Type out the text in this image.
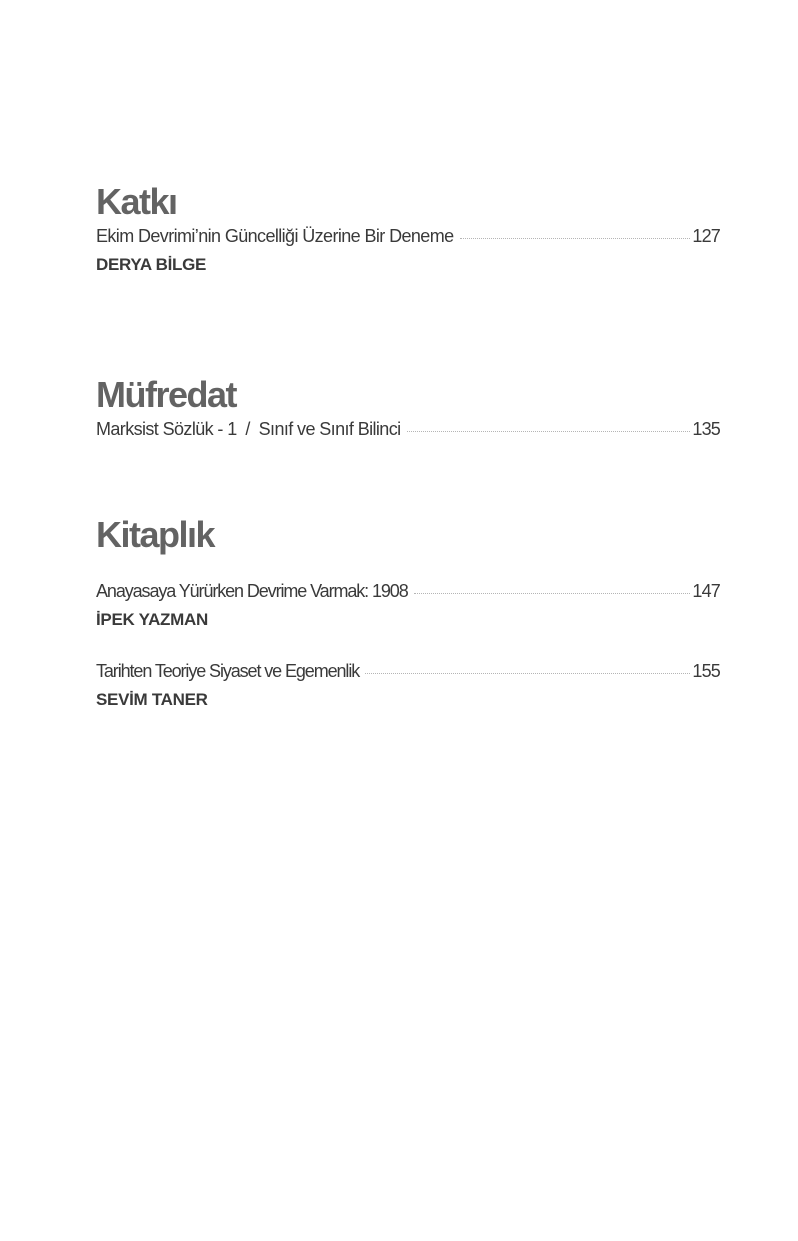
Katkı
Ekim Devrimi’nin Güncelliği Üzerine Bir Deneme	127
DERYA BİLGE
Müfredat
Marksist Sözlük - 1  /  Sınıf ve Sınıf Bilinci	135
Kitaplık
Anayasaya Yürürken Devrime Varmak: 1908	147
İPEK YAZMAN
Tarihten Teoriye Siyaset ve Egemenlik	155
SEVİM TANER
